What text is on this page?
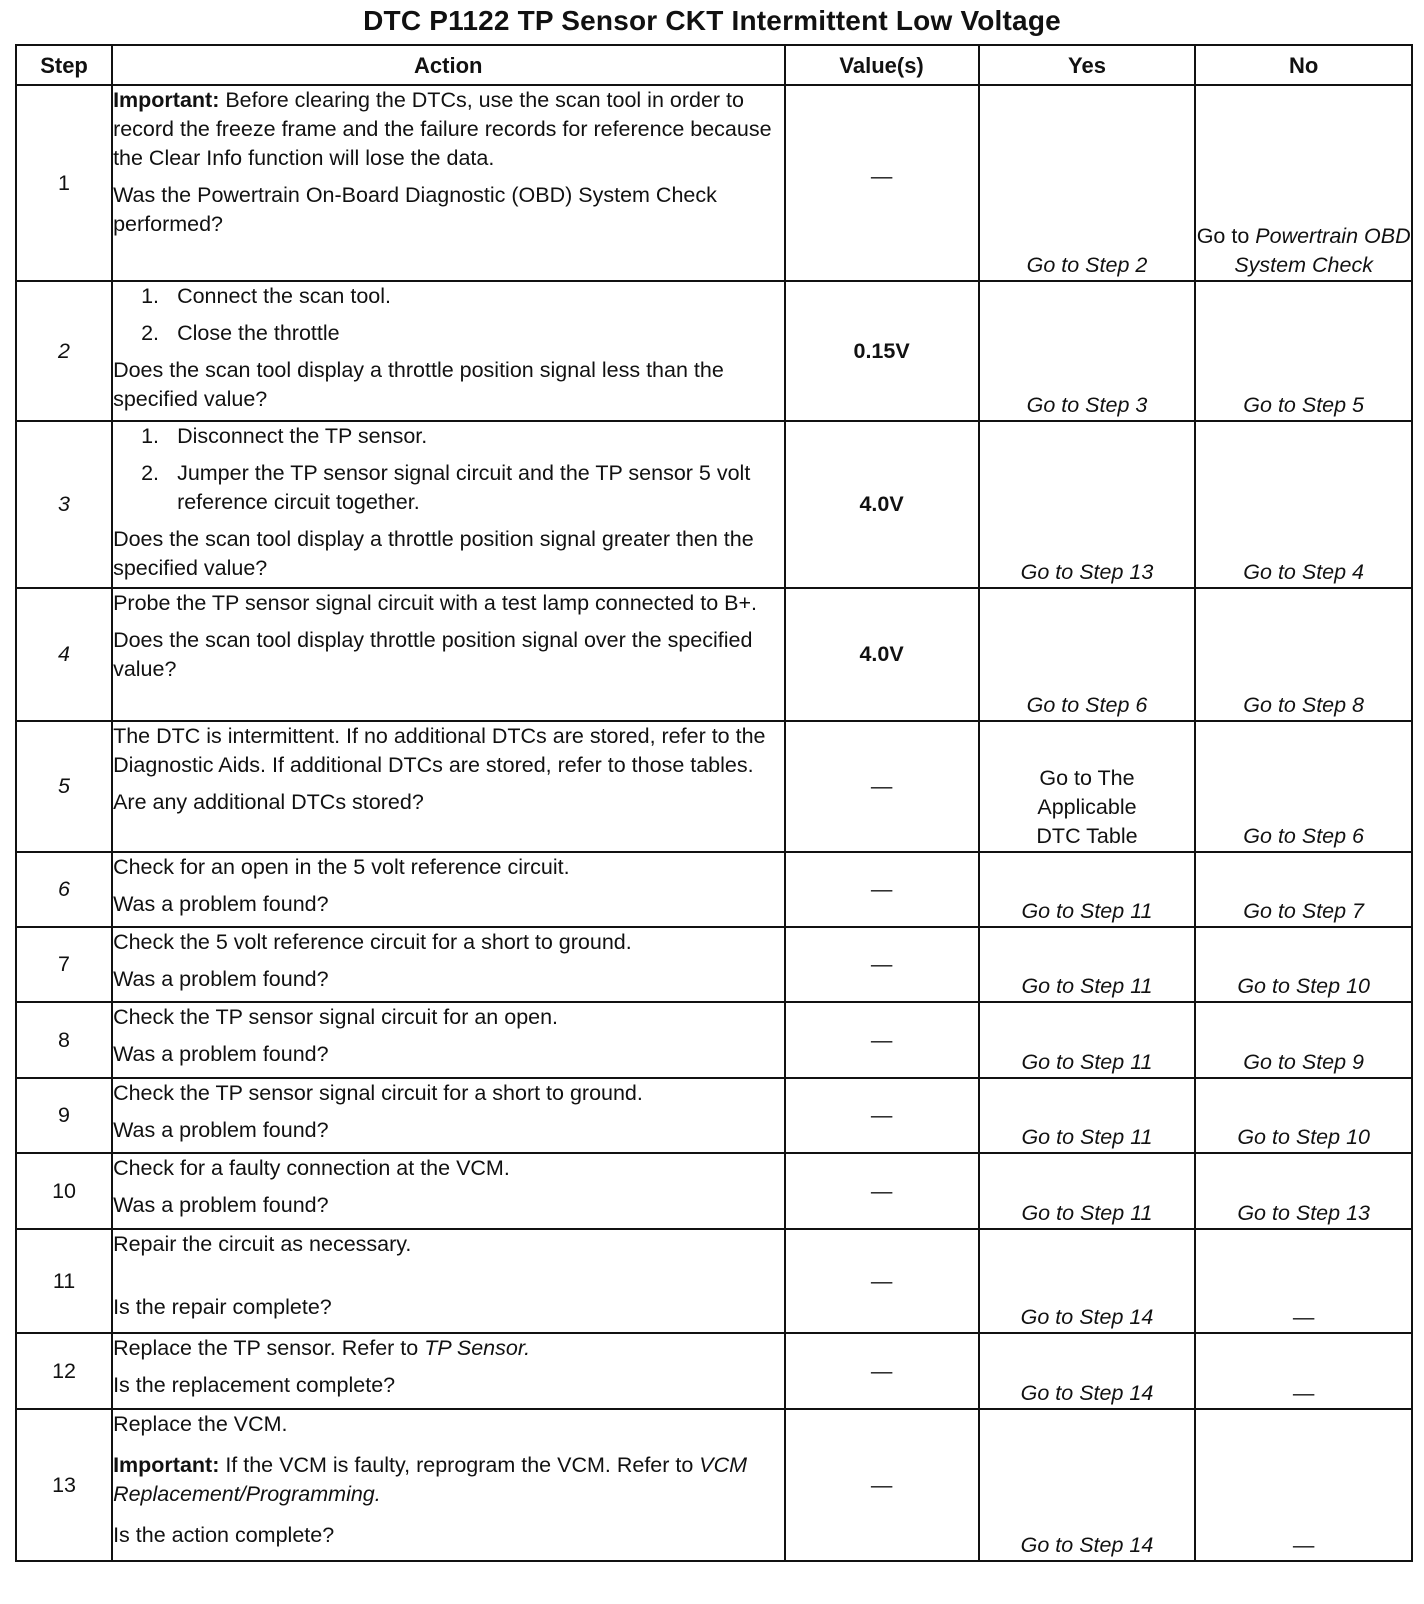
DTC P1122 TP Sensor CKT Intermittent Low Voltage
Step	Action	Value(s)	Yes	No
1	Important: Before clearing the DTCs, use the scan tool in order to record the freeze frame and the failure records for reference because the Clear Info function will lose the data.
Was the Powertrain On-Board Diagnostic (OBD) System Check performed?	—	Go to Step 2	Go to Powertrain OBD System Check
2	1. Connect the scan tool.
2. Close the throttle
Does the scan tool display a throttle position signal less than the specified value?	0.15V	Go to Step 3	Go to Step 5
3	1. Disconnect the TP sensor.
2. Jumper the TP sensor signal circuit and the TP sensor 5 volt reference circuit together.
Does the scan tool display a throttle position signal greater then the specified value?	4.0V	Go to Step 13	Go to Step 4
4	Probe the TP sensor signal circuit with a test lamp connected to B+.
Does the scan tool display throttle position signal over the specified value?	4.0V	Go to Step 6	Go to Step 8
5	The DTC is intermittent. If no additional DTCs are stored, refer to the Diagnostic Aids. If additional DTCs are stored, refer to those tables.
Are any additional DTCs stored?	—	Go to The Applicable DTC Table	Go to Step 6
6	Check for an open in the 5 volt reference circuit.
Was a problem found?	—	Go to Step 11	Go to Step 7
7	Check the 5 volt reference circuit for a short to ground.
Was a problem found?	—	Go to Step 11	Go to Step 10
8	Check the TP sensor signal circuit for an open.
Was a problem found?	—	Go to Step 11	Go to Step 9
9	Check the TP sensor signal circuit for a short to ground.
Was a problem found?	—	Go to Step 11	Go to Step 10
10	Check for a faulty connection at the VCM.
Was a problem found?	—	Go to Step 11	Go to Step 13
11	Repair the circuit as necessary.
Is the repair complete?	—	Go to Step 14	—
12	Replace the TP sensor. Refer to TP Sensor.
Is the replacement complete?	—	Go to Step 14	—
13	Replace the VCM.
Important: If the VCM is faulty, reprogram the VCM. Refer to VCM Replacement/Programming.
Is the action complete?	—	Go to Step 14	—
